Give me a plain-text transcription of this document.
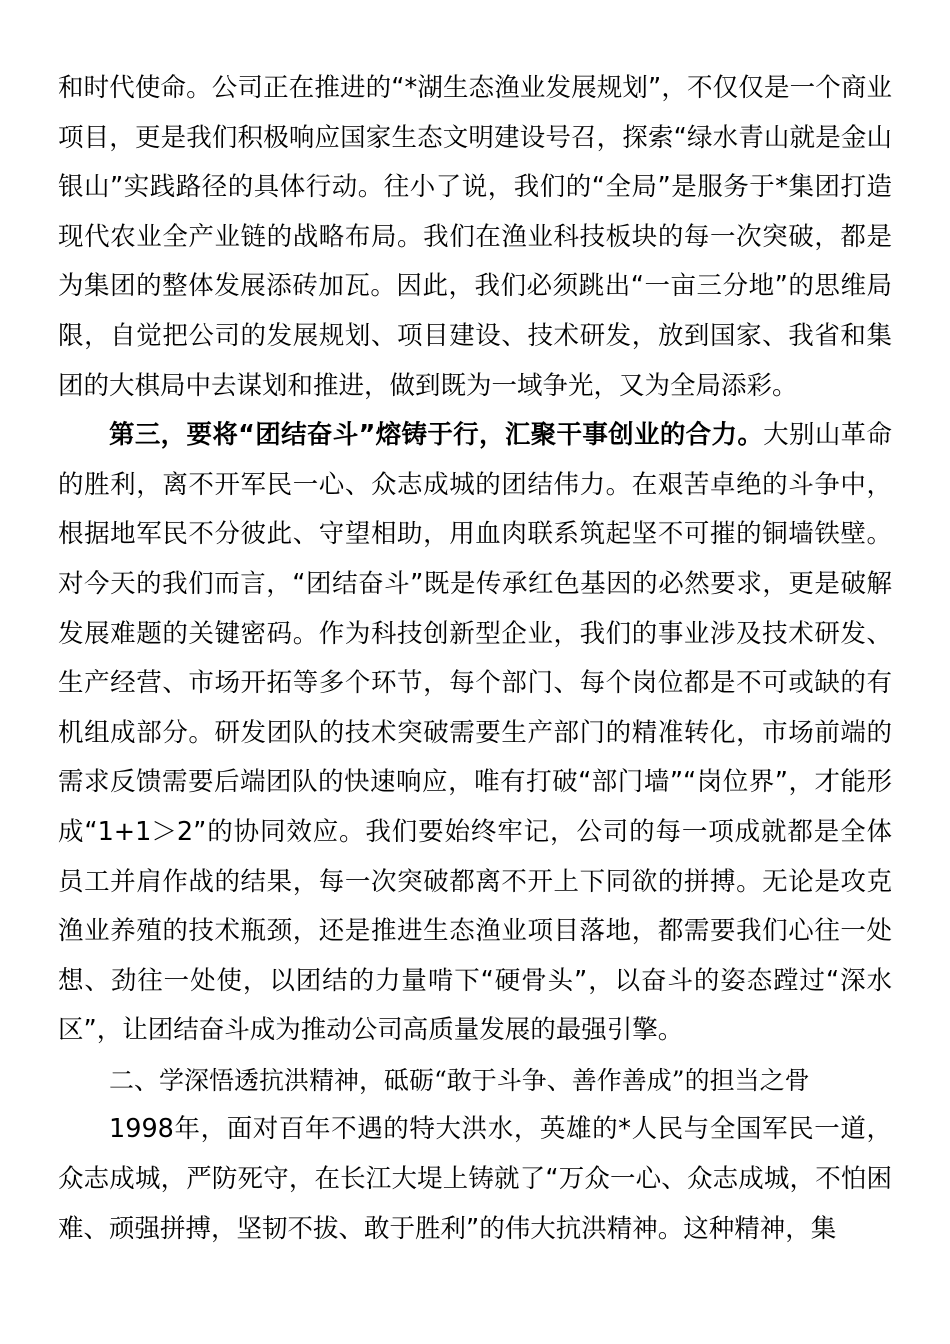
和时代使命。公司正在推进的“*湖生态渔业发展规划”，不仅仅是一个商业项目，更是我们积极响应国家生态文明建设号召，探索“绿水青山就是金山银山”实践路径的具体行动。往小了说，我们的“全局”是服务于*集团打造现代农业全产业链的战略布局。我们在渔业科技板块的每一次突破，都是为集团的整体发展添砖加瓦。因此，我们必须跳出“一亩三分地”的思维局限，自觉把公司的发展规划、项目建设、技术研发，放到国家、我省和集团的大棋局中去谋划和推进，做到既为一域争光，又为全局添彩。

第三，要将“团结奋斗”熔铸于行，汇聚干事创业的合力。大别山革命的胜利，离不开军民一心、众志成城的团结伟力。在艰苦卓绝的斗争中，根据地军民不分彼此、守望相助，用血肉联系筑起坚不可摧的铜墙铁壁。对今天的我们而言，“团结奋斗”既是传承红色基因的必然要求，更是破解发展难题的关键密码。作为科技创新型企业，我们的事业涉及技术研发、生产经营、市场开拓等多个环节，每个部门、每个岗位都是不可或缺的有机组成部分。研发团队的技术突破需要生产部门的精准转化，市场前端的需求反馈需要后端团队的快速响应，唯有打破“部门墙”“岗位界”，才能形成“1+1＞2”的协同效应。我们要始终牢记，公司的每一项成就都是全体员工并肩作战的结果，每一次突破都离不开上下同欲的拼搏。无论是攻克渔业养殖的技术瓶颈，还是推进生态渔业项目落地，都需要我们心往一处想、劲往一处使，以团结的力量啃下“硬骨头”，以奋斗的姿态蹚过“深水区”，让团结奋斗成为推动公司高质量发展的最强引擎。

二、学深悟透抗洪精神，砥砺“敢于斗争、善作善成”的担当之骨

1998年，面对百年不遇的特大洪水，英雄的*人民与全国军民一道，众志成城，严防死守，在长江大堤上铸就了“万众一心、众志成城，不怕困难、顽强拼搏，坚韧不拔、敢于胜利”的伟大抗洪精神。这种精神，集
